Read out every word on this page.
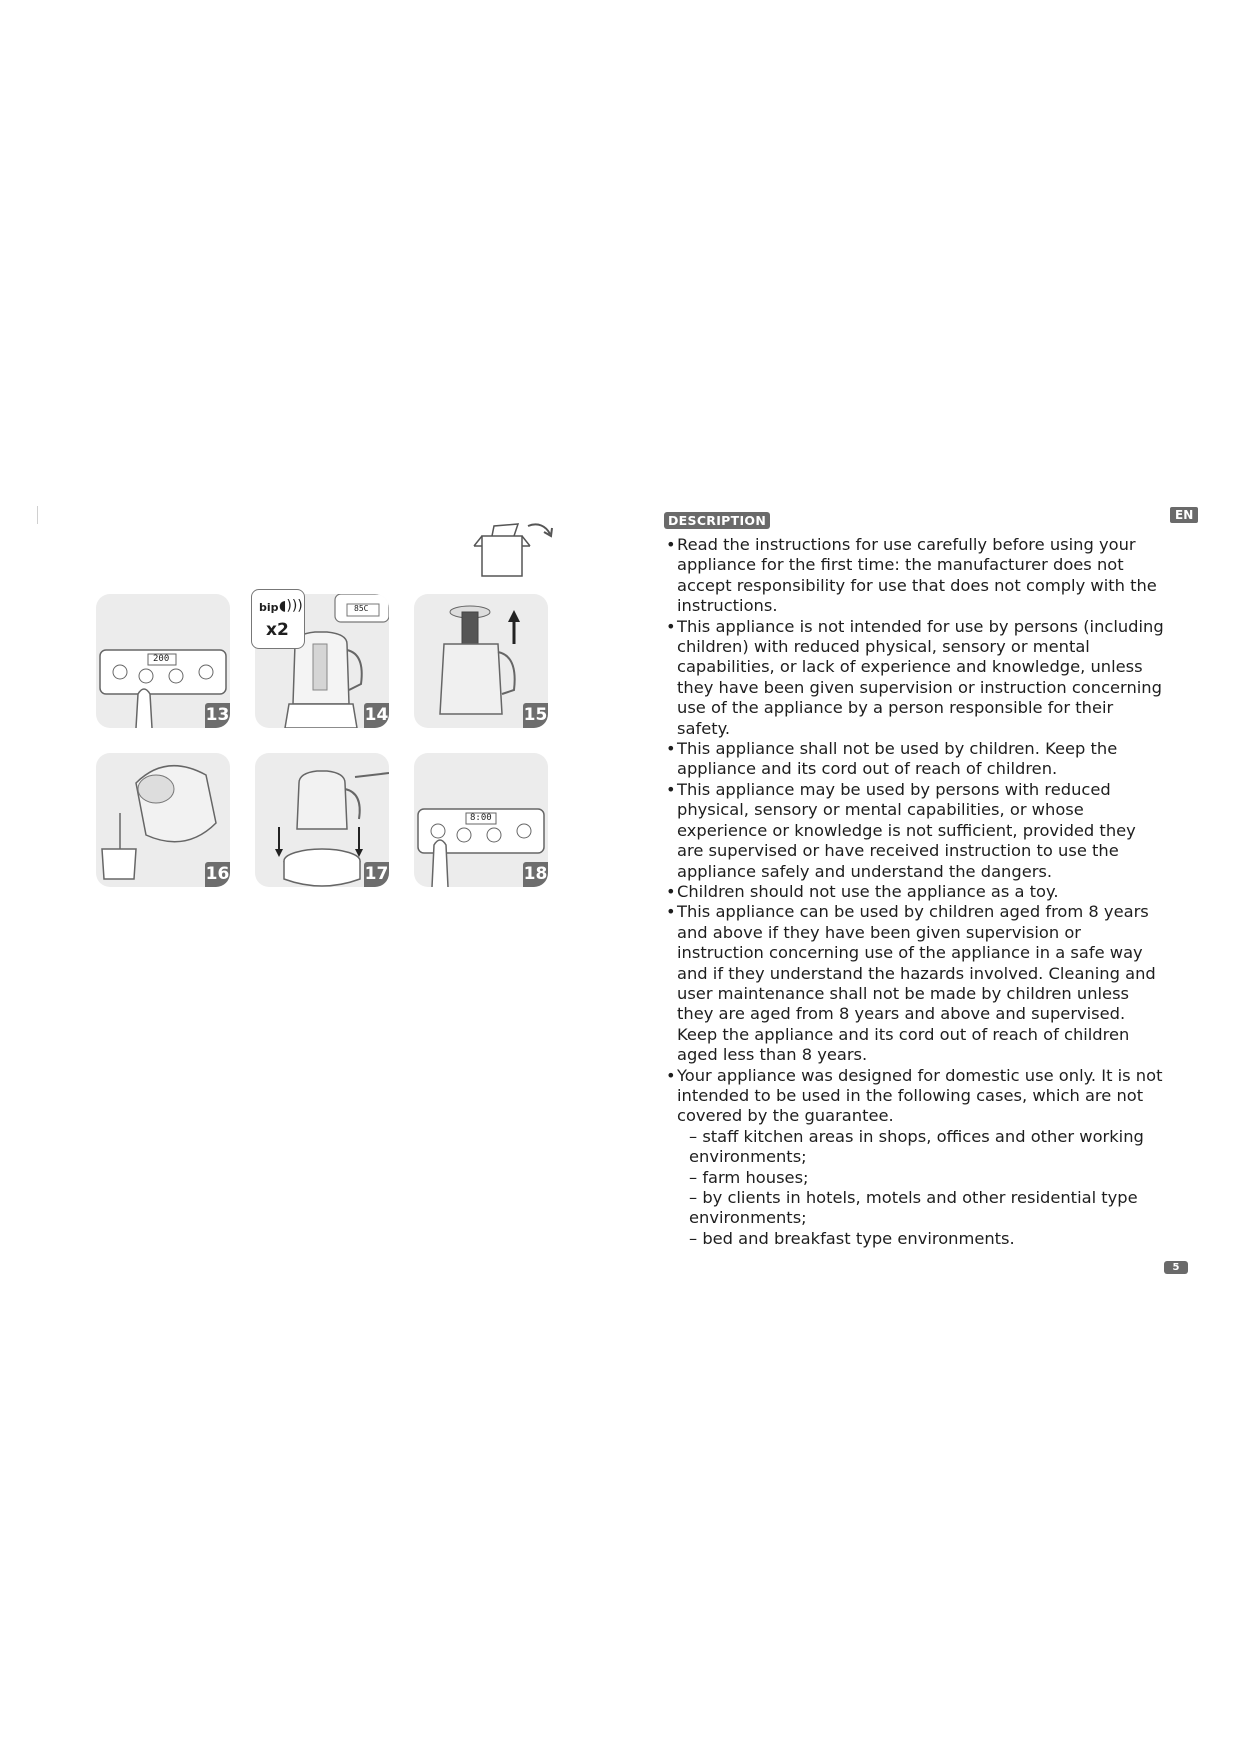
200
13
85C
14
bip ◖)))
x2
15
16	17
8:00
18
DESCRIPTION	EN

• Read the instructions for use carefully before using your appliance for the first time: the manufacturer does not accept responsibility for use that does not comply with the instructions.

• This appliance is not intended for use by persons (including children) with reduced physical, sensory or mental capabilities, or lack of experience and knowledge, unless they have been given supervision or instruction concerning use of the appliance by a person responsible for their safety.

• This appliance shall not be used by children. Keep the appliance and its cord out of reach of children.

• This appliance may be used by persons with reduced physical, sensory or mental capabilities, or whose experience or knowledge is not sufficient, provided they are supervised or have received instruction to use the appliance safely and understand the dangers.

• Children should not use the appliance as a toy.

• This appliance can be used by children aged from 8 years and above if they have been given supervision or instruction concerning use of the appliance in a safe way and if they understand the hazards involved. Cleaning and user maintenance shall not be made by children unless they are aged from 8 years and above and supervised. Keep the appliance and its cord out of reach of children aged less than 8 years.

• Your appliance was designed for domestic use only. It is not intended to be used in the following cases, which are not covered by the guarantee.

– staff kitchen areas in shops, offices and other working environments;

– farm houses;

– by clients in hotels, motels and other residential type environments;

– bed and breakfast type environments.

5
